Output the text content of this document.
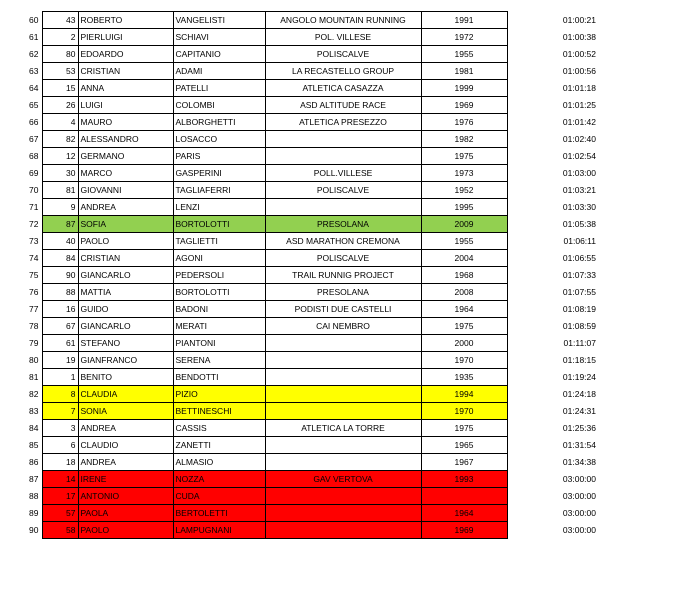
60	43	ROBERTO	VANGELISTI	ANGOLO MOUNTAIN RUNNING	1991	01:00:21
61	2	PIERLUIGI	SCHIAVI	POL. VILLESE	1972	01:00:38
62	80	EDOARDO	CAPITANIO	POLISCALVE	1955	01:00:52
63	53	CRISTIAN	ADAMI	LA RECASTELLO GROUP	1981	01:00:56
64	15	ANNA	PATELLI	ATLETICA CASAZZA	1999	01:01:18
65	26	LUIGI	COLOMBI	ASD ALTITUDE RACE	1969	01:01:25
66	4	MAURO	ALBORGHETTI	ATLETICA PRESEZZO	1976	01:01:42
67	82	ALESSANDRO	LOSACCO		1982	01:02:40
68	12	GERMANO	PARIS		1975	01:02:54
69	30	MARCO	GASPERINI	POLL.VILLESE	1973	01:03:00
70	81	GIOVANNI	TAGLIAFERRI	POLISCALVE	1952	01:03:21
71	9	ANDREA	LENZI		1995	01:03:30
72	87	SOFIA	BORTOLOTTI	PRESOLANA	2009	01:05:38
73	40	PAOLO	TAGLIETTI	ASD MARATHON CREMONA	1955	01:06:11
74	84	CRISTIAN	AGONI	POLISCALVE	2004	01:06:55
75	90	GIANCARLO	PEDERSOLI	TRAIL RUNNIG PROJECT	1968	01:07:33
76	88	MATTIA	BORTOLOTTI	PRESOLANA	2008	01:07:55
77	16	GUIDO	BADONI	PODISTI DUE CASTELLI	1964	01:08:19
78	67	GIANCARLO	MERATI	CAI NEMBRO	1975	01:08:59
79	61	STEFANO	PIANTONI		2000	01:11:07
80	19	GIANFRANCO	SERENA		1970	01:18:15
81	1	BENITO	BENDOTTI		1935	01:19:24
82	8	CLAUDIA	PIZIO		1994	01:24:18
83	7	SONIA	BETTINESCHI		1970	01:24:31
84	3	ANDREA	CASSIS	ATLETICA LA TORRE	1975	01:25:36
85	6	CLAUDIO	ZANETTI		1965	01:31:54
86	18	ANDREA	ALMASIO		1967	01:34:38
87	14	IRENE	NOZZA	GAV VERTOVA	1993	03:00:00
88	17	ANTONIO	CUDA			03:00:00
89	57	PAOLA	BERTOLETTI		1964	03:00:00
90	58	PAOLO	LAMPUGNANI		1969	03:00:00
